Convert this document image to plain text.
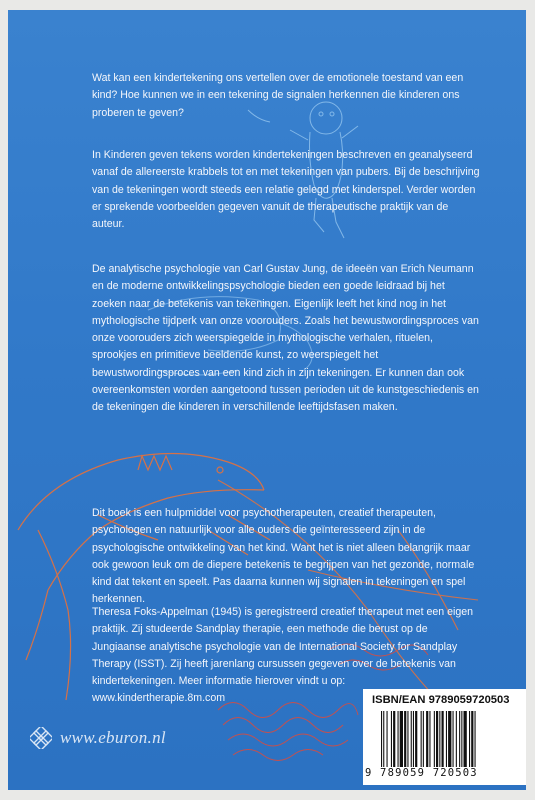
Wat kan een kindertekening ons vertellen over de emotionele toestand van een kind? Hoe kunnen we in een tekening de signalen herkennen die kinderen ons proberen te geven?

In Kinderen geven tekens worden kindertekeningen beschreven en geanalyseerd vanaf de allereerste krabbels tot en met tekeningen van pubers. Bij de beschrijving van de tekeningen wordt steeds een relatie gelegd met kinderspel. Verder worden er sprekende voorbeelden gegeven vanuit de therapeutische praktijk van de auteur.

De analytische psychologie van Carl Gustav Jung, de ideeën van Erich Neumann en de moderne ontwikkelingspsychologie bieden een goede leidraad bij het zoeken naar de betekenis van tekeningen. Eigenlijk leeft het kind nog in het mythologische tijdperk van onze voorouders. Zoals het bewustwordingsproces van onze voorouders zich weerspiegelde in mythologische verhalen, rituelen, sprookjes en primitieve beeldende kunst, zo weerspiegelt het bewustwordingsproces van een kind zich in zijn tekeningen. Er kunnen dan ook overeenkomsten worden aangetoond tussen perioden uit de kunstgeschiedenis en de tekeningen die kinderen in verschillende leeftijdsfasen maken.

Dit boek is een hulpmiddel voor psychotherapeuten, creatief therapeuten, psychologen en natuurlijk voor alle ouders die geïnteresseerd zijn in de psychologische ontwikkeling van het kind. Want het is niet alleen belangrijk maar ook gewoon leuk om de diepere betekenis te begrijpen van het gezonde, normale kind dat tekent en speelt. Pas daarna kunnen wij signalen in tekeningen en spel herkennen.

Theresa Foks-Appelman (1945) is geregistreerd creatief therapeut met een eigen praktijk. Zij studeerde Sandplay therapie, een methode die berust op de Jungiaanse analytische psychologie van de International Society for Sandplay Therapy (ISST). Zij heeft jarenlang cursussen gegeven over de betekenis van kindertekeningen. Meer informatie hierover vindt u op: www.kindertherapie.8m.com

www.eburon.nl
ISBN/EAN 9789059720503
9 789059 720503
